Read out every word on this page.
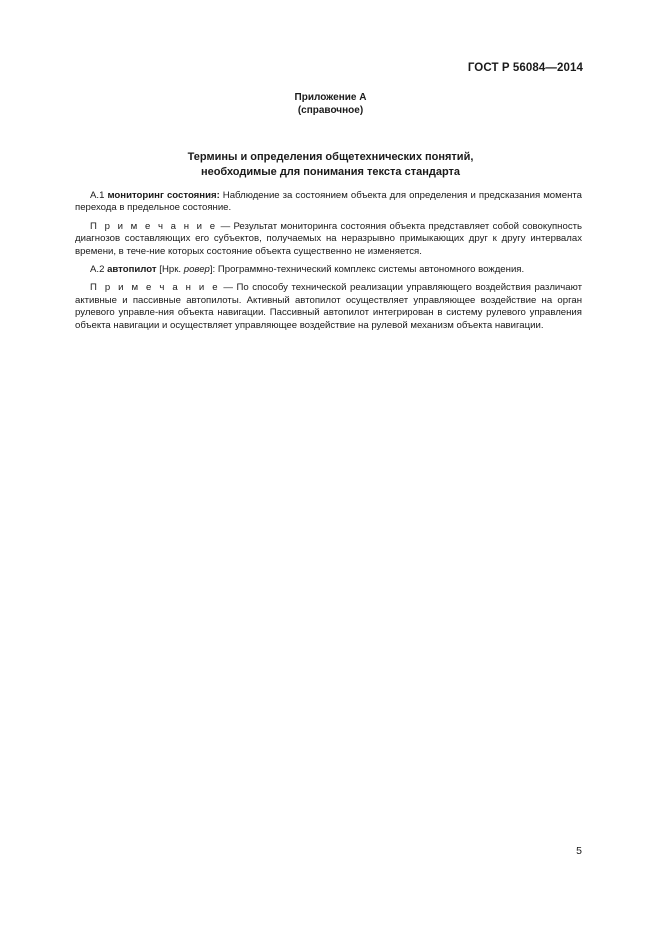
ГОСТ Р 56084—2014
Приложение А
(справочное)
Термины и определения общетехнических понятий,
необходимые для понимания текста стандарта

А.1 мониторинг состояния: Наблюдение за состоянием объекта для определения и предсказания момента перехода в предельное состояние.

П р и м е ч а н и е — Результат мониторинга состояния объекта представляет собой совокупность диагнозов составляющих его субъектов, получаемых на неразрывно примыкающих друг к другу интервалах времени, в тече-ние которых состояние объекта существенно не изменяется.

А.2 автопилот [Нрк. ровер]: Программно-технический комплекс системы автономного вождения.

П р и м е ч а н и е — По способу технической реализации управляющего воздействия различают активные и пассивные автопилоты. Активный автопилот осуществляет управляющее воздействие на орган рулевого управле-ния объекта навигации. Пассивный автопилот интегрирован в систему рулевого управления объекта навигации и осуществляет управляющее воздействие на рулевой механизм объекта навигации.

5
